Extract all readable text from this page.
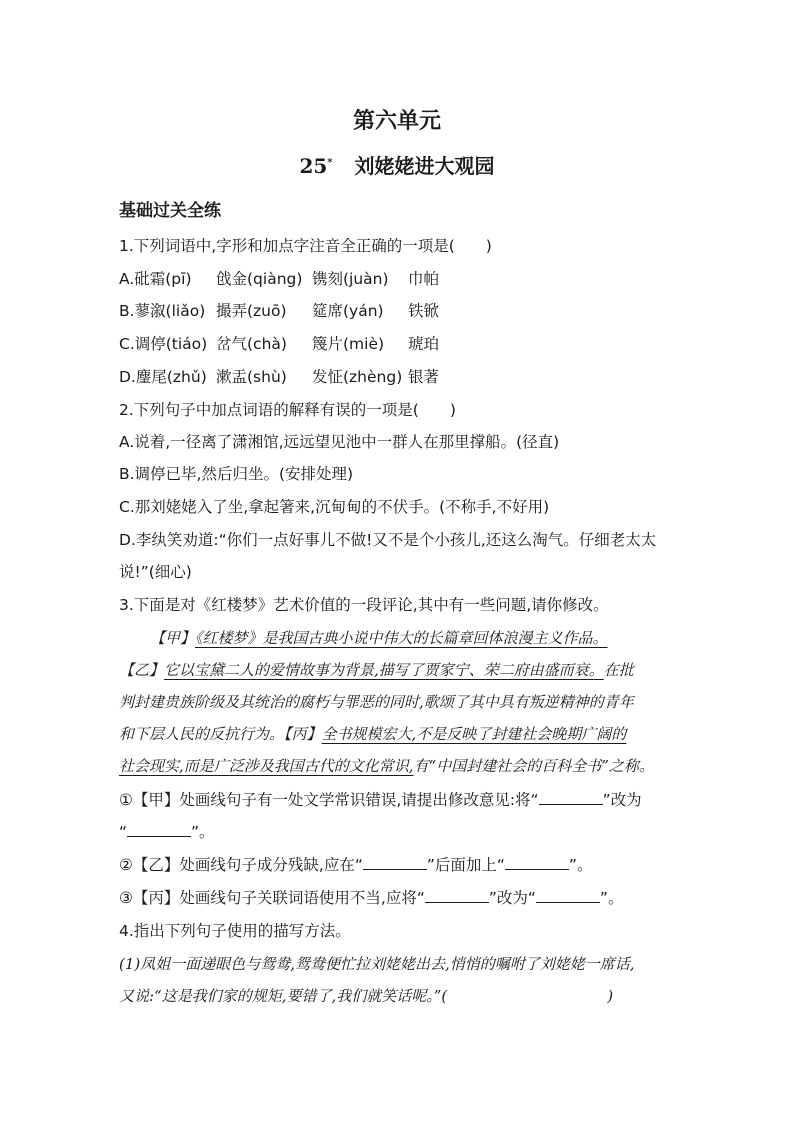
第六单元
25* 刘姥姥进大观园
基础过关全练
1.下列词语中,字形和加点字注音全正确的一项是(　　)
A.砒霜(pī) 戗金(qiàng) 镌刻(juàn) 巾帕
B.蓼溆(liǎo) 撮弄(zuō) 筵席(yán) 铁锨
C.调停(tiáo) 岔气(chà) 篾片(miè) 琥珀
D.麈尾(zhǔ) 漱盂(shù) 发怔(zhèng) 银著
2.下列句子中加点词语的解释有误的一项是(　　)
A.说着,一径离了潇湘馆,远远望见池中一群人在那里撑船。(径直)
B.调停已毕,然后归坐。(安排处理)
C.那刘姥姥入了坐,拿起箸来,沉甸甸的不伏手。(不称手,不好用)
D.李纨笑劝道:“你们一点好事儿不做!又不是个小孩儿,还这么淘气。仔细老太太
说!”(细心)
3.下面是对《红楼梦》艺术价值的一段评论,其中有一些问题,请你修改。
【甲】《红楼梦》是我国古典小说中伟大的长篇章回体浪漫主义作品。
【乙】它以宝黛二人的爱情故事为背景,描写了贾家宁、荣二府由盛而衰。在批
判封建贵族阶级及其统治的腐朽与罪恶的同时,歌颂了其中具有叛逆精神的青年
和下层人民的反抗行为。【丙】全书规模宏大,不是反映了封建社会晚期广阔的
社会现实,而是广泛涉及我国古代的文化常识,有“中国封建社会的百科全书”之称。
①【甲】处画线句子有一处文学常识错误,请提出修改意见:将“	”改为
“	”。
②【乙】处画线句子成分残缺,应在“	”后面加上“	”。
③【丙】处画线句子关联词语使用不当,应将“	”改为“	”。
4.指出下列句子使用的描写方法。
(1)凤姐一面递眼色与鸳鸯,鸳鸯便忙拉刘姥姥出去,悄悄的嘱咐了刘姥姥一席话,
又说:“这是我们家的规矩,要错了,我们就笑话呢。”(	)
